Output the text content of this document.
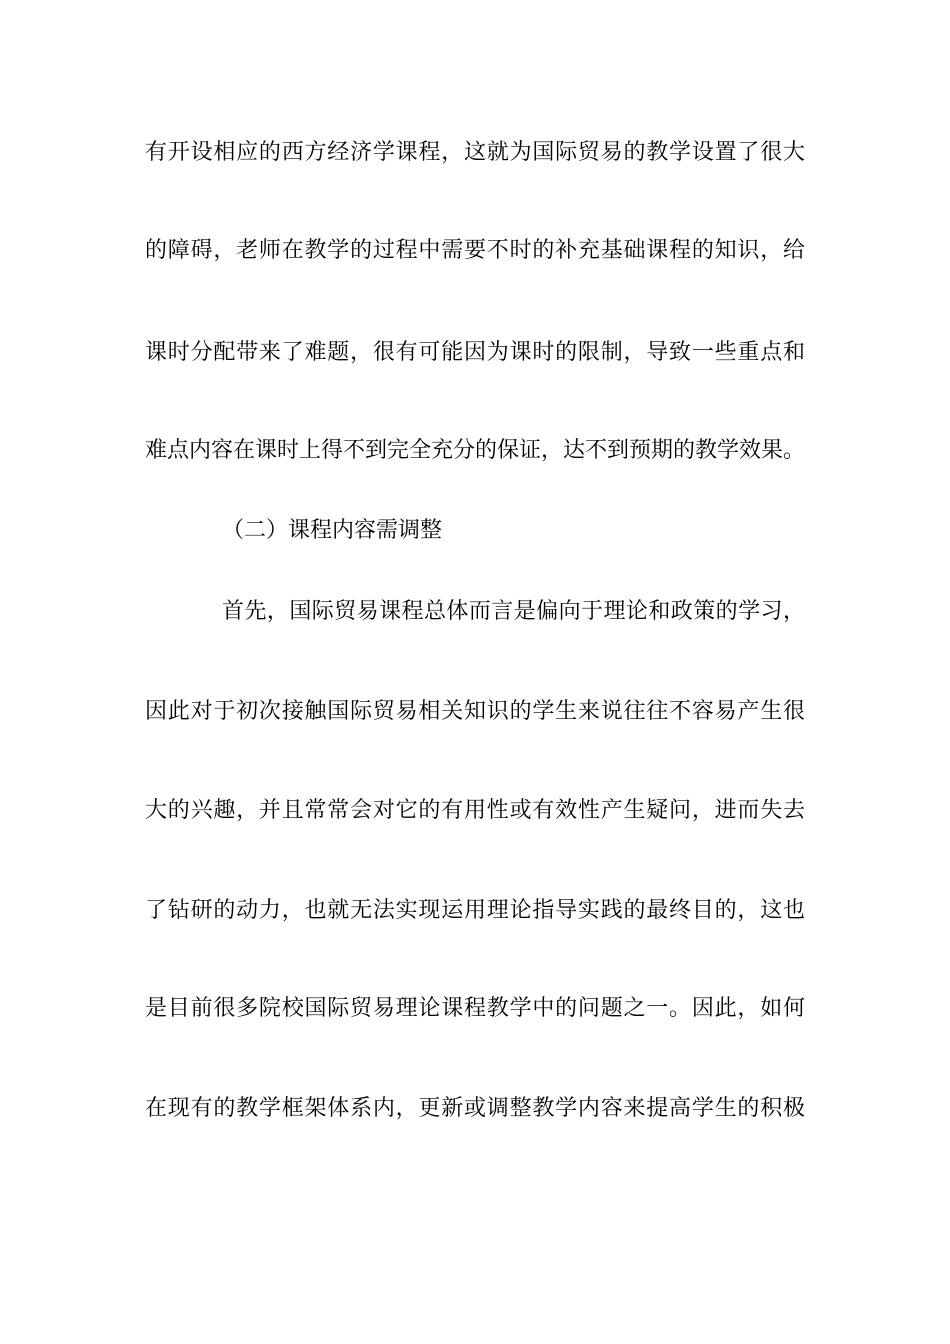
有开设相应的西方经济学课程，这就为国际贸易的教学设置了很大
的障碍，老师在教学的过程中需要不时的补充基础课程的知识，给
课时分配带来了难题，很有可能因为课时的限制，导致一些重点和
难点内容在课时上得不到完全充分的保证，达不到预期的教学效果。
（二）课程内容需调整
首先，国际贸易课程总体而言是偏向于理论和政策的学习，
因此对于初次接触国际贸易相关知识的学生来说往往不容易产生很
大的兴趣，并且常常会对它的有用性或有效性产生疑问，进而失去
了钻研的动力，也就无法实现运用理论指导实践的最终目的，这也
是目前很多院校国际贸易理论课程教学中的问题之一。因此，如何
在现有的教学框架体系内，更新或调整教学内容来提高学生的积极
